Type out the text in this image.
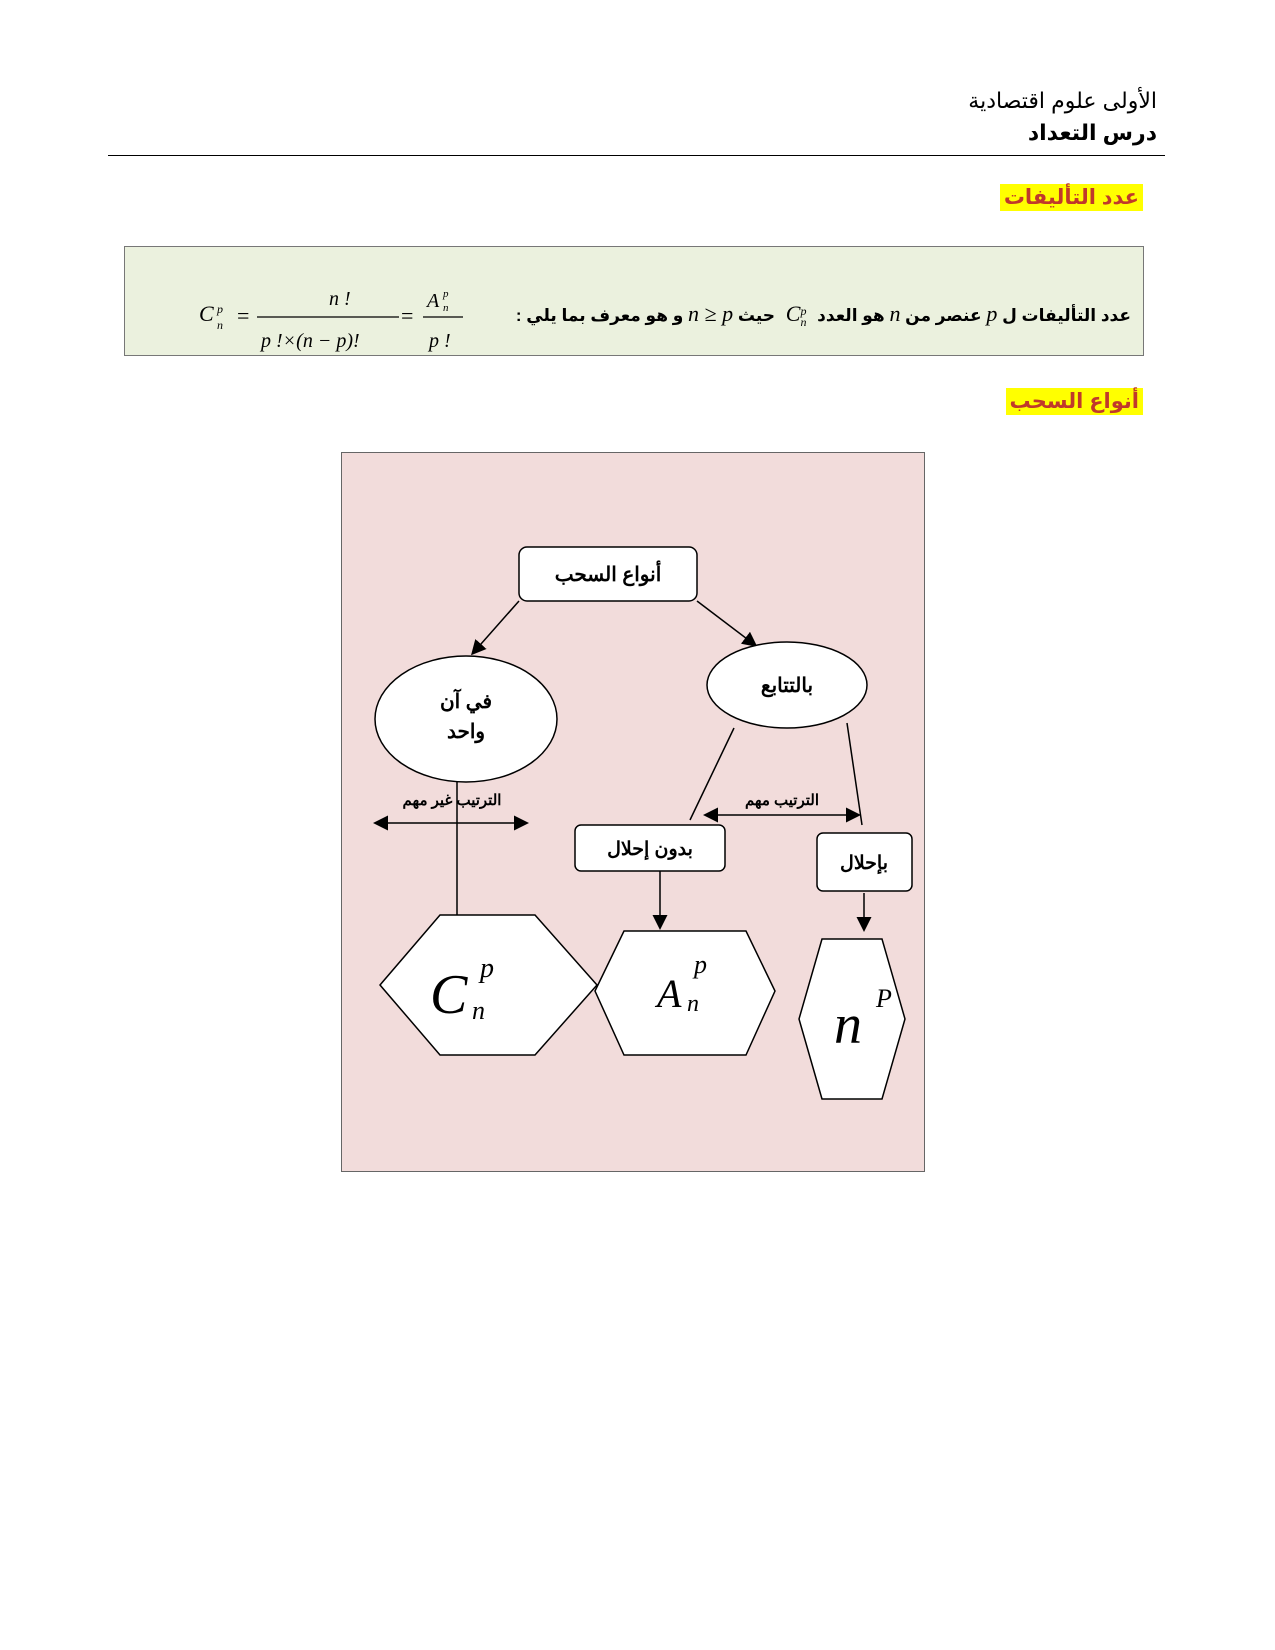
الأولى علوم اقتصادية
درس التعداد
عدد التأليفات
عدد التأليفات ل p عنصر من n هو العدد Cp
n حيث n ≥ p و هو معرف بما يلي :
C p
n =
n !
p !×(n − p)!
=
A p
n
p !
أنواع السحب
أنواع السحب
في آن
واحد
بالتتابع
الترتيب غير مهم	الترتيب مهم
بدون إحلال
بإحلال
C p
n	A
p
n n P
